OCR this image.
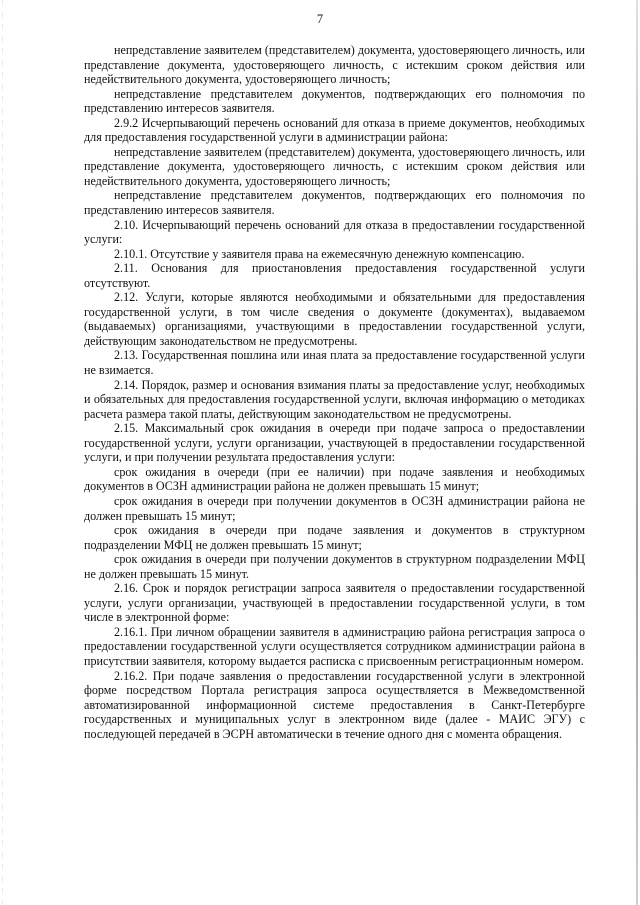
7

непредставление заявителем (представителем) документа, удостоверяющего личность, или представление документа, удостоверяющего личность, с истекшим сроком действия или недействительного документа, удостоверяющего личность;

непредставление представителем документов, подтверждающих его полномочия по представлению интересов заявителя.

2.9.2 Исчерпывающий перечень оснований для отказа в приеме документов, необходимых для предоставления государственной услуги в администрации района:

непредставление заявителем (представителем) документа, удостоверяющего личность, или представление документа, удостоверяющего личность, с истекшим сроком действия или недействительного документа, удостоверяющего личность;

непредставление представителем документов, подтверждающих его полномочия по представлению интересов заявителя.

2.10. Исчерпывающий перечень оснований для отказа в предоставлении государственной услуги:

2.10.1. Отсутствие у заявителя права на ежемесячную денежную компенсацию.

2.11. Основания для приостановления предоставления государственной услуги отсутствуют.

2.12. Услуги, которые являются необходимыми и обязательными для предоставления государственной услуги, в том числе сведения о документе (документах), выдаваемом (выдаваемых) организациями, участвующими в предоставлении государственной услуги, действующим законодательством не предусмотрены.

2.13. Государственная пошлина или иная плата за предоставление государственной услуги не взимается.

2.14. Порядок, размер и основания взимания платы за предоставление услуг, необходимых и обязательных для предоставления государственной услуги, включая информацию о методиках расчета размера такой платы, действующим законодательством не предусмотрены.

2.15. Максимальный срок ожидания в очереди при подаче запроса о предоставлении государственной услуги, услуги организации, участвующей в предоставлении государственной услуги, и при получении результата предоставления услуги:

срок ожидания в очереди (при ее наличии) при подаче заявления и необходимых документов в ОСЗН администрации района не должен превышать 15 минут;

срок ожидания в очереди при получении документов в ОСЗН администрации района не должен превышать 15 минут;

срок ожидания в очереди при подаче заявления и документов в структурном подразделении МФЦ не должен превышать 15 минут;

срок ожидания в очереди при получении документов в структурном подразделении МФЦ не должен превышать 15 минут.

2.16. Срок и порядок регистрации запроса заявителя о предоставлении государственной услуги, услуги организации, участвующей в предоставлении государственной услуги, в том числе в электронной форме:

2.16.1. При личном обращении заявителя в администрацию района регистрация запроса о предоставлении государственной услуги осуществляется сотрудником администрации района в присутствии заявителя, которому выдается расписка с присвоенным регистрационным номером.

2.16.2. При подаче заявления о предоставлении государственной услуги в электронной форме посредством Портала регистрация запроса осуществляется в Межведомственной автоматизированной информационной системе предоставления в Санкт-Петербурге государственных и муниципальных услуг в электронном виде (далее - МАИС ЭГУ) с последующей передачей в ЭСРН автоматически в течение одного дня с момента обращения.
